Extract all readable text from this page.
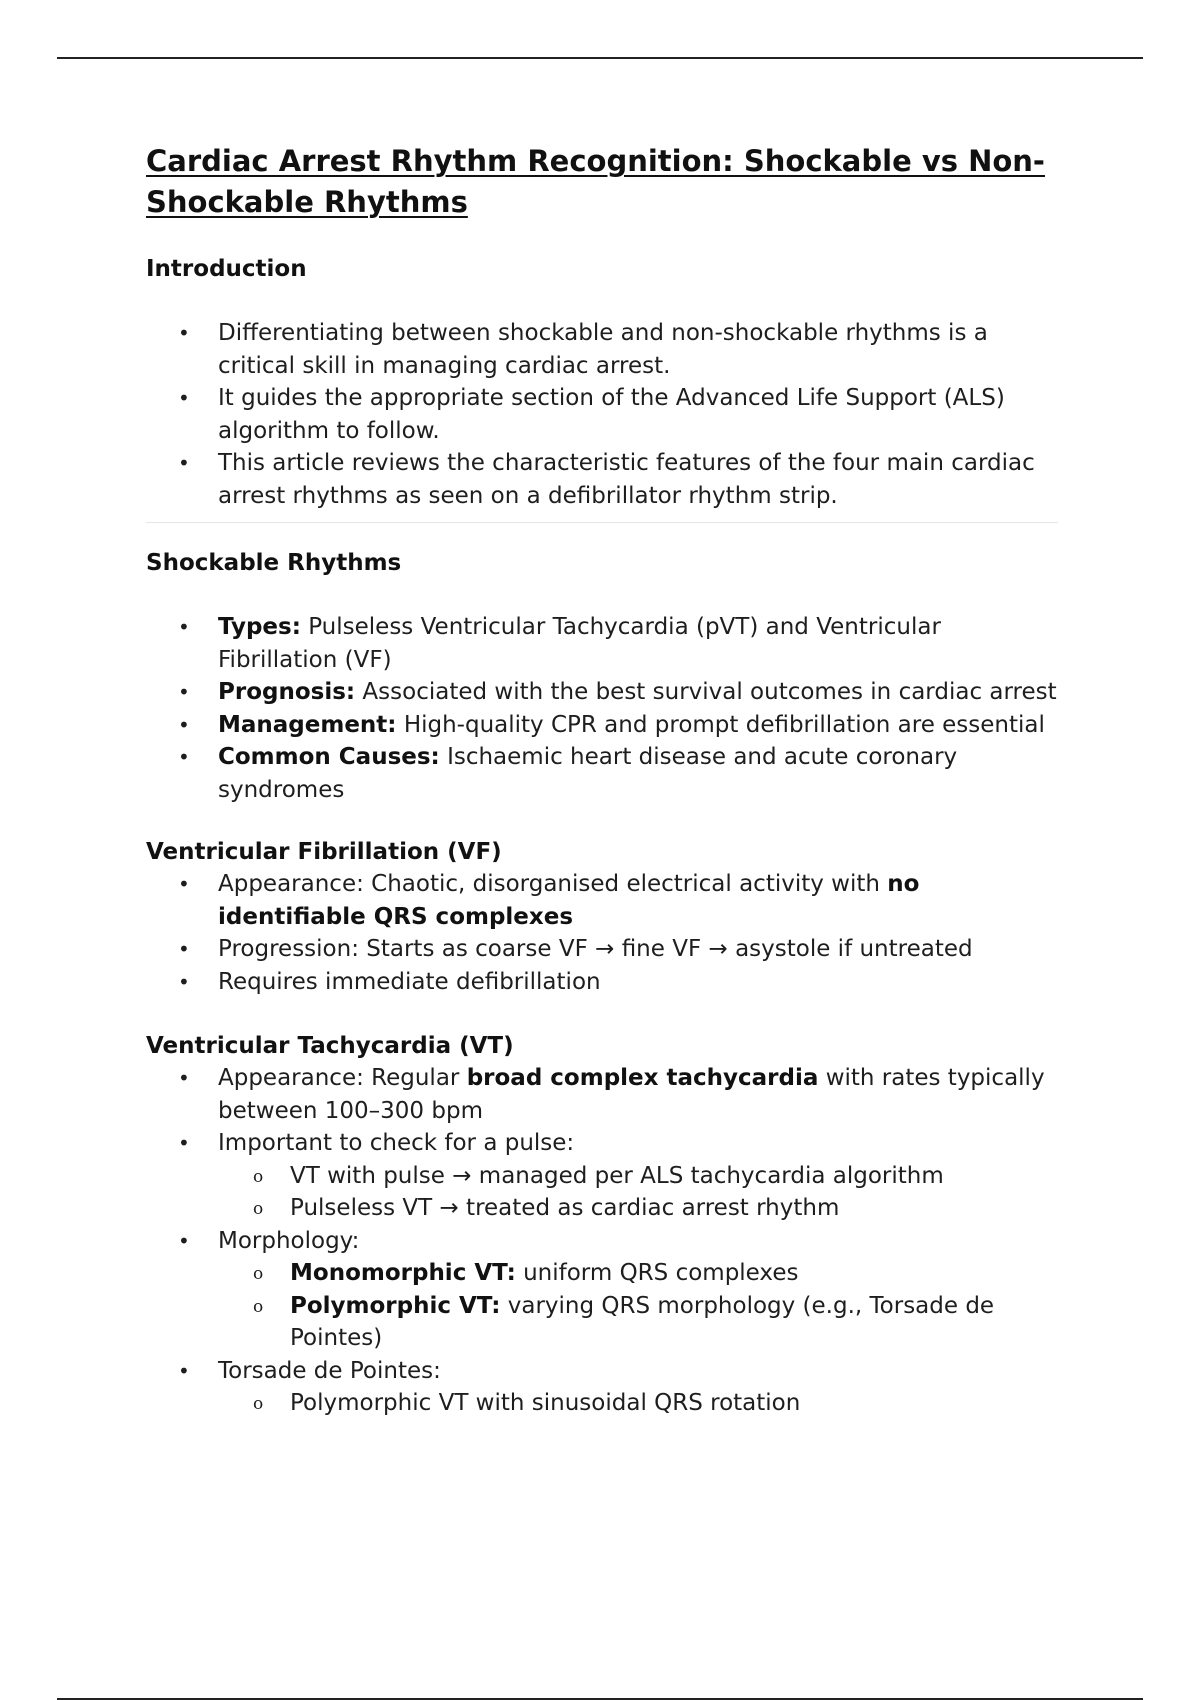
Cardiac Arrest Rhythm Recognition: Shockable vs Non-Shockable Rhythms
Introduction
• Differentiating between shockable and non-shockable rhythms is a critical skill in managing cardiac arrest.
• It guides the appropriate section of the Advanced Life Support (ALS) algorithm to follow.
• This article reviews the characteristic features of the four main cardiac arrest rhythms as seen on a defibrillator rhythm strip.
Shockable Rhythms
• Types: Pulseless Ventricular Tachycardia (pVT) and Ventricular Fibrillation (VF)
• Prognosis: Associated with the best survival outcomes in cardiac arrest
• Management: High-quality CPR and prompt defibrillation are essential
• Common Causes: Ischaemic heart disease and acute coronary syndromes
Ventricular Fibrillation (VF)
• Appearance: Chaotic, disorganised electrical activity with no identifiable QRS complexes
• Progression: Starts as coarse VF → fine VF → asystole if untreated
• Requires immediate defibrillation
Ventricular Tachycardia (VT)
• Appearance: Regular broad complex tachycardia with rates typically between 100–300 bpm
• Important to check for a pulse:
o VT with pulse → managed per ALS tachycardia algorithm
o Pulseless VT → treated as cardiac arrest rhythm
• Morphology:
o Monomorphic VT: uniform QRS complexes
o Polymorphic VT: varying QRS morphology (e.g., Torsade de Pointes)
• Torsade de Pointes:
o Polymorphic VT with sinusoidal QRS rotation
